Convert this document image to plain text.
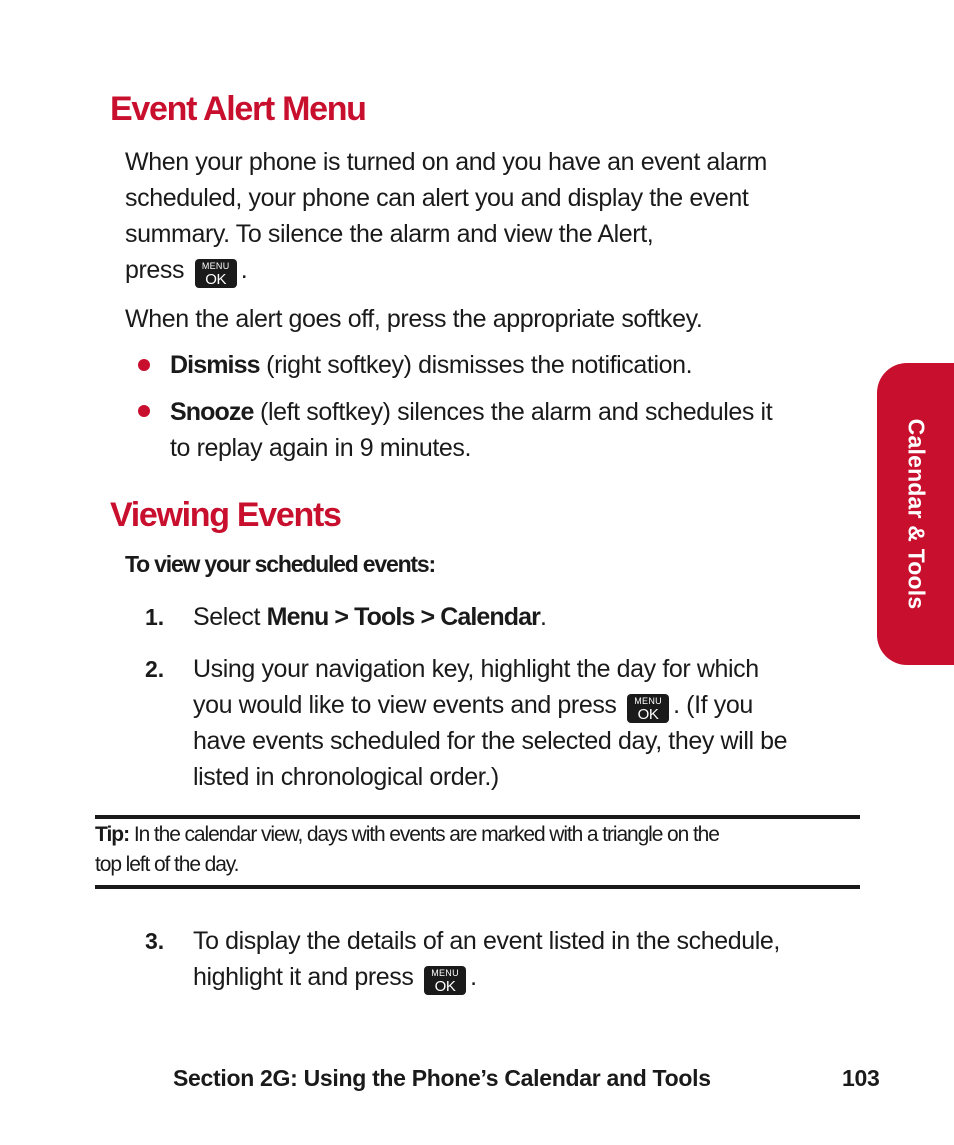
Event Alert Menu
When your phone is turned on and you have an event alarm
scheduled, your phone can alert you and display the event
summary. To silence the alarm and view the Alert,
press	MENU
OK .
When the alert goes off, press the appropriate softkey.
Dismiss (right softkey) dismisses the notification.
Snooze (left softkey) silences the alarm and schedules it
to replay again in 9 minutes.
Viewing Events
To view your scheduled events:
1. Select Menu > Tools > Calendar.
2. Using your navigation key, highlight the day for which
you would like to view events and press	MENU
OK . (If you
have events scheduled for the selected day, they will be
listed in chronological order.)
Tip: In the calendar view, days with events are marked with a triangle on the
top left of the day.
3. To display the details of an event listed in the schedule,
highlight it and press	MENU
OK .
Calendar & Tools
Section 2G: Using the Phone’s Calendar and Tools	103
